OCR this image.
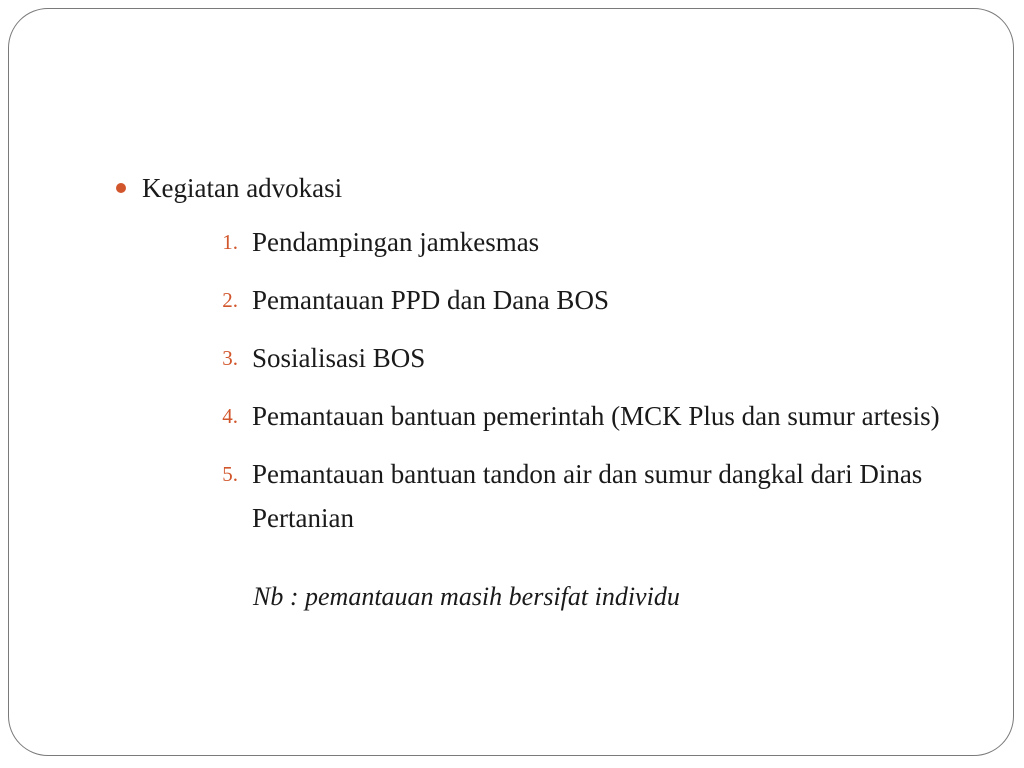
Kegiatan advokasi
1. Pendampingan jamkesmas
2. Pemantauan PPD dan Dana BOS
3. Sosialisasi BOS
4. Pemantauan bantuan pemerintah (MCK Plus dan sumur artesis)
5. Pemantauan bantuan tandon air dan sumur dangkal dari Dinas Pertanian
Nb : pemantauan masih bersifat individu
